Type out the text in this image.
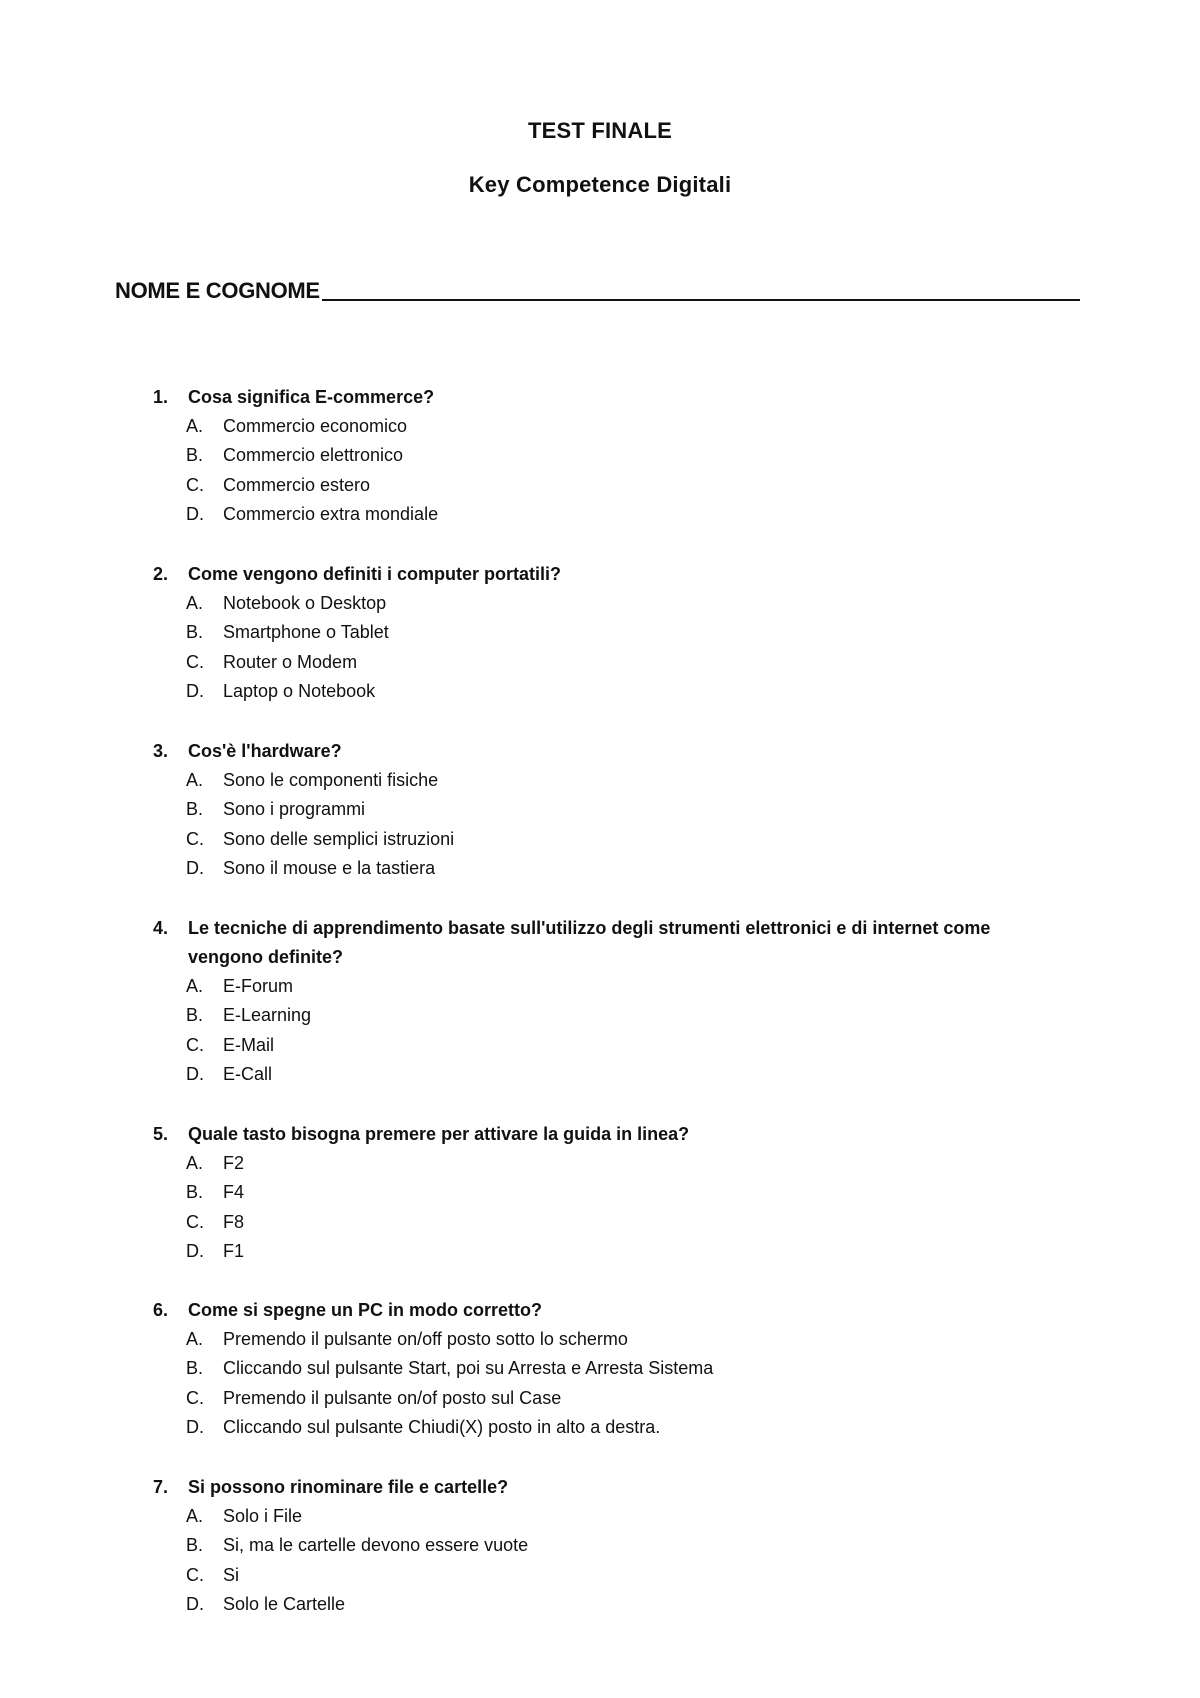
TEST FINALE
Key Competence Digitali
NOME E COGNOME
1. Cosa significa E-commerce?
A. Commercio economico
B. Commercio elettronico
C. Commercio estero
D. Commercio extra mondiale
2. Come vengono definiti i computer portatili?
A. Notebook o Desktop
B. Smartphone o Tablet
C. Router o Modem
D. Laptop o Notebook
3. Cos'è l'hardware?
A. Sono le componenti fisiche
B. Sono i programmi
C. Sono delle semplici istruzioni
D. Sono il mouse e la tastiera
4. Le tecniche di apprendimento basate sull'utilizzo degli strumenti elettronici e di internet come vengono definite?
A. E-Forum
B. E-Learning
C. E-Mail
D. E-Call
5. Quale tasto bisogna premere per attivare la guida in linea?
A. F2
B. F4
C. F8
D. F1
6. Come si spegne un PC in modo corretto?
A. Premendo il pulsante on/off posto sotto lo schermo
B. Cliccando sul pulsante Start, poi su Arresta e Arresta Sistema
C. Premendo il pulsante on/of posto sul Case
D. Cliccando sul pulsante Chiudi(X) posto in alto a destra.
7. Si possono rinominare file e cartelle?
A. Solo i File
B. Si, ma le cartelle devono essere vuote
C. Si
D. Solo le Cartelle
